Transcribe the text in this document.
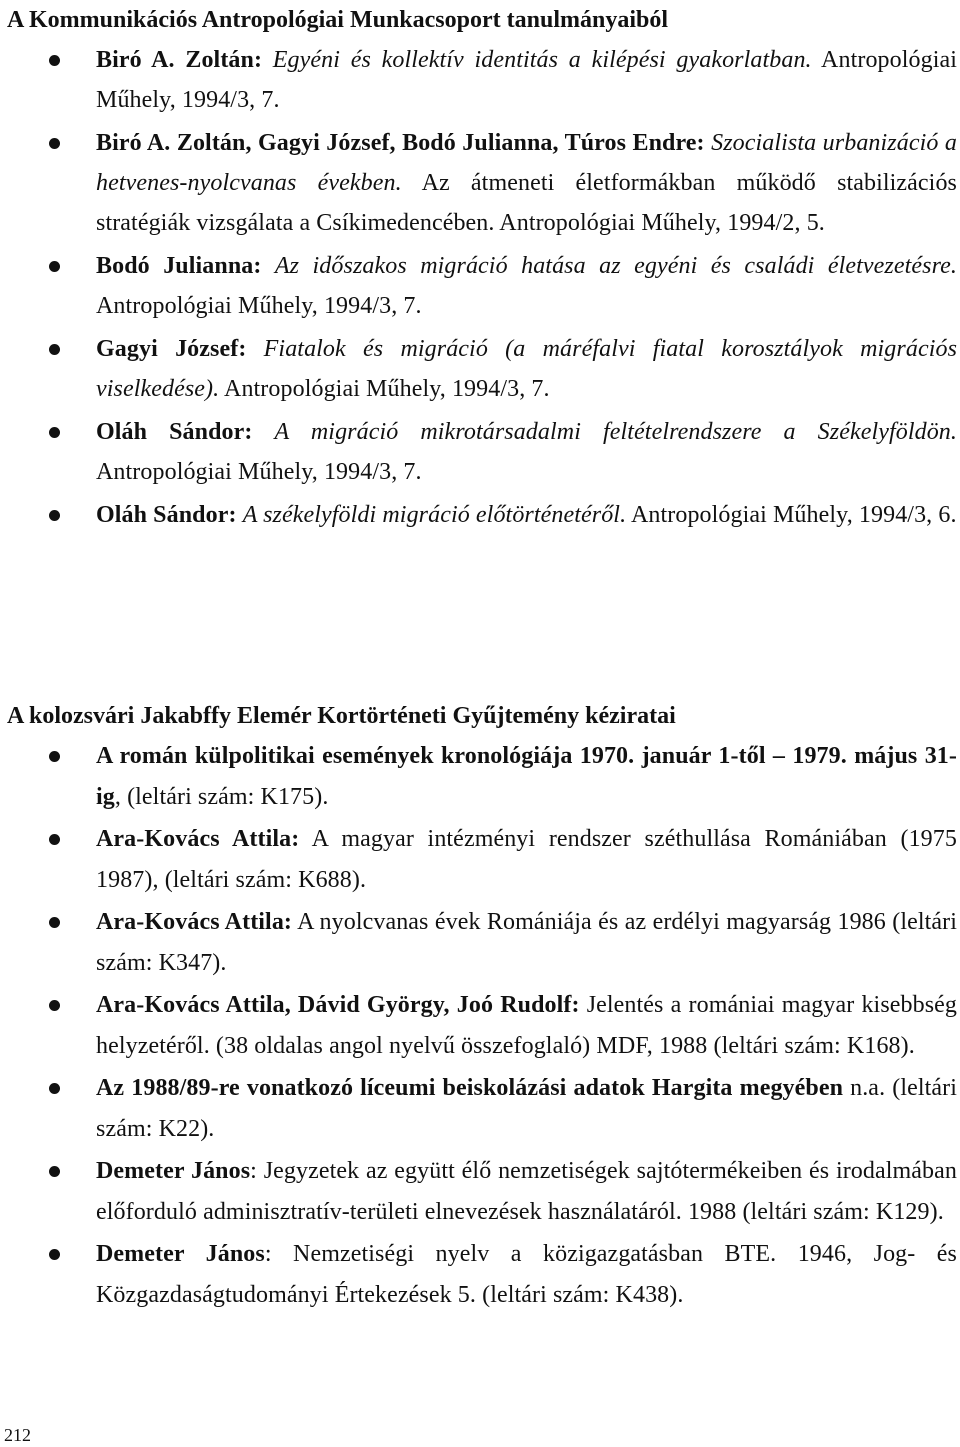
A Kommunikációs Antropológiai Munkacsoport tanulmányaiból
Biró A. Zoltán: Egyéni és kollektív identitás a kilépési gyakorlatban. Antropológiai Műhely, 1994/3, 7.
Biró A. Zoltán, Gagyi József, Bodó Julianna, Túros Endre: Szocialista urbanizáció a hetvenes-nyolcvanas években. Az átmeneti életformákban működő stabilizációs stratégiák vizsgálata a Csíkimedencében. Antropológiai Műhely, 1994/2, 5.
Bodó Julianna: Az időszakos migráció hatása az egyéni és családi életvezetésre. Antropológiai Műhely, 1994/3, 7.
Gagyi József: Fiatalok és migráció (a máréfalvi fiatal korosztályok migrációs viselkedése). Antropológiai Műhely, 1994/3, 7.
Oláh Sándor: A migráció mikrotársadalmi feltételrendszere a Székelyföldön. Antropológiai Műhely, 1994/3, 7.
Oláh Sándor: A székelyföldi migráció előtörténetéről. Antropológiai Műhely, 1994/3, 6.
A kolozsvári Jakabffy Elemér Kortörténeti Gyűjtemény kéziratai
A román külpolitikai események kronológiája 1970. január 1-től – 1979. május 31-ig, (leltári szám: K175).
Ara-Kovács Attila: A magyar intézményi rendszer széthullása Romániában (1975 1987), (leltári szám: K688).
Ara-Kovács Attila: A nyolcvanas évek Romániája és az erdélyi magyarság 1986 (leltári szám: K347).
Ara-Kovács Attila, Dávid György, Joó Rudolf: Jelentés a romániai magyar kisebbség helyzetéről. (38 oldalas angol nyelvű összefoglaló) MDF, 1988 (leltári szám: K168).
Az 1988/89-re vonatkozó líceumi beiskolázási adatok Hargita megyében n.a. (leltári szám: K22).
Demeter János: Jegyzetek az együtt élő nemzetiségek sajtótermékeiben és irodalmában előforduló adminisztratív-területi elnevezések használatáról. 1988 (leltári szám: K129).
Demeter János: Nemzetiségi nyelv a közigazgatásban BTE. 1946, Jog- és Közgazdaságtudományi Értekezések 5. (leltári szám: K438).
212
